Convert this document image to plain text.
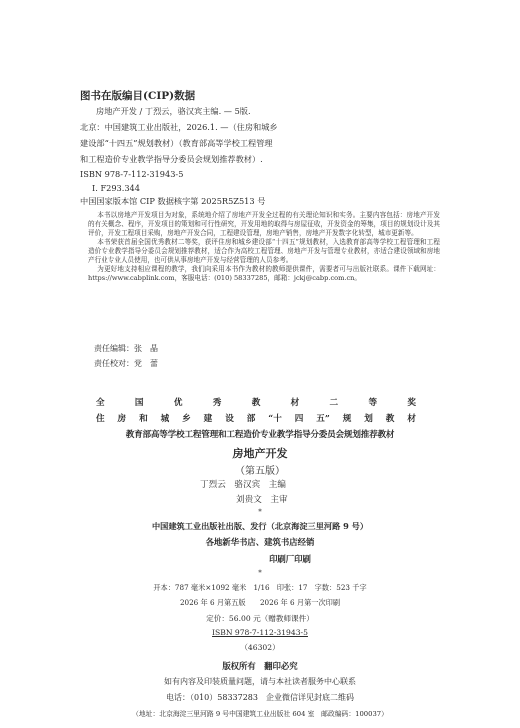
图书在版编目(CIP)数据
房地产开发 / 丁烈云，骆汉宾主编. — 5版.
北京：中国建筑工业出版社，2026.1. —（住房和城乡
建设部“十四五”规划教材）（教育部高等学校工程管理
和工程造价专业教学指导分委员会规划推荐教材）.
ISBN 978-7-112-31943-5
Ⅰ. F293.344
中国国家版本馆 CIP 数据核字第 2025R5Z513 号

本书以房地产开发项目为对象，系统地介绍了房地产开发全过程的有关理论知识和实务。主要内容包括：房地产开发的有关概念、程序，开发项目的策划和可行性研究，开发用地的取得与房屋征收，开发资金的筹集，项目的规划设计及其评价，开发工程项目采购，房地产开发合同，工程建设管理，房地产销售，房地产开发数字化转型，城市更新等。

本书荣获首届全国优秀教材二等奖，获评住房和城乡建设部“十四五”规划教材，入选教育部高等学校工程管理和工程造价专业教学指导分委员会规划推荐教材，适合作为高校工程管理、房地产开发与管理专业教材，亦适合建设领域和房地产行业专业人员使用，也可供从事房地产开发与经营管理的人员参考。

为更好地支持相应课程的教学，我们向采用本书作为教材的教师提供课件，需要者可与出版社联系。课件下载网址：https://www.cabplink.com，客服电话：(010) 58337285，邮箱：jckj@cabp.com.cn。

责任编辑：张　晶
责任校对：党　蕾
全	国	优	秀	教	材	二	等	奖
住 房 和 城 乡 建 设 部 “十 四 五” 规 划 教 材
教育部高等学校工程管理和工程造价专业教学指导分委员会规划推荐教材
房地产开发
（第五版）
丁烈云　骆汉宾　主编
刘贵文　主审
*
中国建筑工业出版社出版、发行（北京海淀三里河路 9 号）
各地新华书店、建筑书店经销
印刷厂印刷
*
开本：787 毫米×1092 毫米　1/16　印张：17　字数：523 千字
2026 年 6 月第五版　　2026 年 6 月第一次印刷
定价：56.00 元（赠教师课件）
ISBN 978-7-112-31943-5
（46302）
版权所有　翻印必究
如有内容及印装质量问题，请与本社读者服务中心联系
电话：（010）58337283　企业微信详见封底二维码
（地址：北京海淀三里河路 9 号中国建筑工业出版社 604 室　邮政编码：100037）
